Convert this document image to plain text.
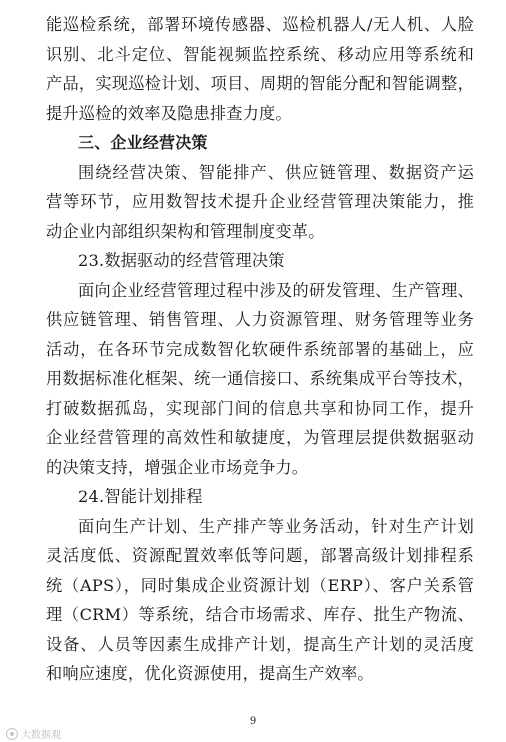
能巡检系统，部署环境传感器、巡检机器人/无人机、人脸
识别、北斗定位、智能视频监控系统、移动应用等系统和
产品，实现巡检计划、项目、周期的智能分配和智能调整，
提升巡检的效率及隐患排查力度。
三、企业经营决策
围绕经营决策、智能排产、供应链管理、数据资产运
营等环节，应用数智技术提升企业经营管理决策能力，推
动企业内部组织架构和管理制度变革。
23.数据驱动的经营管理决策
面向企业经营管理过程中涉及的研发管理、生产管理、
供应链管理、销售管理、人力资源管理、财务管理等业务
活动，在各环节完成数智化软硬件系统部署的基础上，应
用数据标准化框架、统一通信接口、系统集成平台等技术，
打破数据孤岛，实现部门间的信息共享和协同工作，提升
企业经营管理的高效性和敏捷度，为管理层提供数据驱动
的决策支持，增强企业市场竞争力。
24.智能计划排程
面向生产计划、生产排产等业务活动，针对生产计划
灵活度低、资源配置效率低等问题，部署高级计划排程系
统（APS），同时集成企业资源计划（ERP）、客户关系管
理（CRM）等系统，结合市场需求、库存、批生产物流、
设备、人员等因素生成排产计划，提高生产计划的灵活度
和响应速度，优化资源使用，提高生产效率。
9
大数据观
